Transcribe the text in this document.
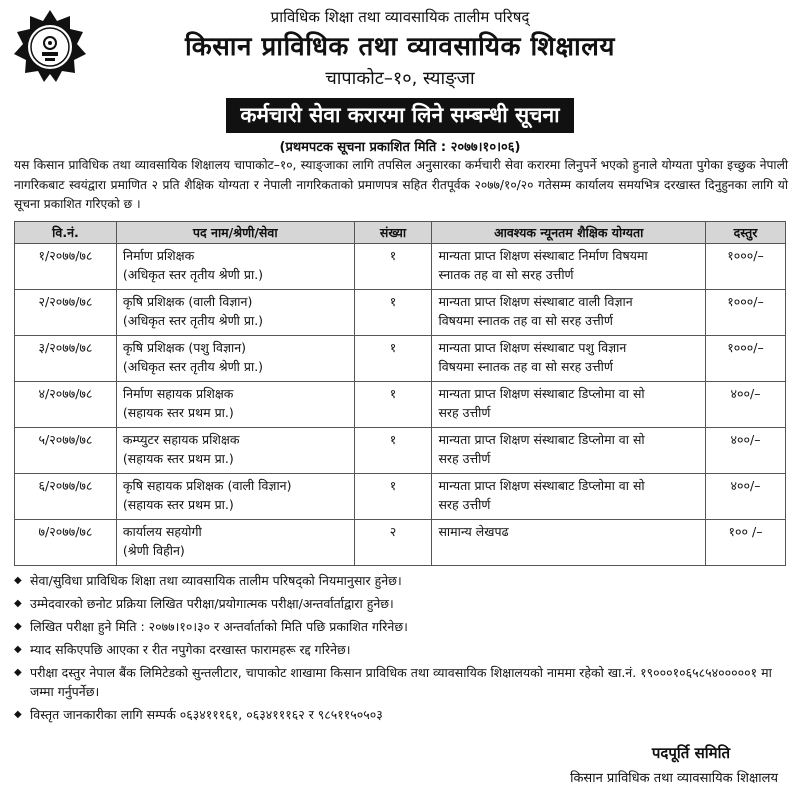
प्राविधिक शिक्षा तथा व्यावसायिक तालीम परिषद्
किसान प्राविधिक तथा व्यावसायिक शिक्षालय
चापाकोट–१०, स्याङ्जा
कर्मचारी सेवा करारमा लिने सम्बन्धी सूचना
(प्रथमपटक सूचना प्रकाशित मिति : २०७७।१०।०६)

यस किसान प्राविधिक तथा व्यावसायिक शिक्षालय चापाकोट–१०, स्याङ्जाका लागि तपसिल अनुसारका कर्मचारी सेवा करारमा लिनुपर्ने भएको हुनाले योग्यता पुगेका इच्छुक नेपाली नागरिकबाट स्वयंद्वारा प्रमाणित २ प्रति शैक्षिक योग्यता र नेपाली नागरिकताको प्रमाणपत्र सहित रीतपूर्वक २०७७/१०/२० गतेसम्म कार्यालय समयभित्र दरखास्त दिनुहुनका लागि यो सूचना प्रकाशित गरिएको छ ।

वि.नं.	पद नाम/श्रेणी/सेवा	संख्या	आवश्यक न्यूनतम शैक्षिक योग्यता	दस्तुर
१/२०७७/७८	निर्माण प्रशिक्षक
(अधिकृत स्तर तृतीय श्रेणी प्रा.)	१	मान्यता प्राप्त शिक्षण संस्थाबाट निर्माण विषयमा
स्नातक तह वा सो सरह उत्तीर्ण	१०००/–
२/२०७७/७८	कृषि प्रशिक्षक (वाली विज्ञान)
(अधिकृत स्तर तृतीय श्रेणी प्रा.)	१	मान्यता प्राप्त शिक्षण संस्थाबाट वाली विज्ञान
विषयमा स्नातक तह वा सो सरह उत्तीर्ण	१०००/–
३/२०७७/७८	कृषि प्रशिक्षक (पशु विज्ञान)
(अधिकृत स्तर तृतीय श्रेणी प्रा.)	१	मान्यता प्राप्त शिक्षण संस्थाबाट पशु विज्ञान
विषयमा स्नातक तह वा सो सरह उत्तीर्ण	१०००/–
४/२०७७/७८	निर्माण सहायक प्रशिक्षक
(सहायक स्तर प्रथम प्रा.)	१	मान्यता प्राप्त शिक्षण संस्थाबाट डिप्लोमा वा सो
सरह उत्तीर्ण	४००/–
५/२०७७/७८	कम्प्युटर सहायक प्रशिक्षक
(सहायक स्तर प्रथम प्रा.)	१	मान्यता प्राप्त शिक्षण संस्थाबाट डिप्लोमा वा सो
सरह उत्तीर्ण	४००/–
६/२०७७/७८	कृषि सहायक प्रशिक्षक (वाली विज्ञान)
(सहायक स्तर प्रथम प्रा.)	१	मान्यता प्राप्त शिक्षण संस्थाबाट डिप्लोमा वा सो
सरह उत्तीर्ण	४००/–
७/२०७७/७८	कार्यालय सहयोगी
(श्रेणी विहीन)	२	सामान्य लेखपढ	१०० /–
◆ सेवा/सुविधा प्राविधिक शिक्षा तथा व्यावसायिक तालीम परिषद्को नियमानुसार हुनेछ।
◆ उम्मेदवारको छनोट प्रक्रिया लिखित परीक्षा/प्रयोगात्मक परीक्षा/अन्तर्वार्ताद्वारा हुनेछ।
◆ लिखित परीक्षा हुने मिति : २०७७।१०।३० र अन्तर्वार्ताको मिति पछि प्रकाशित गरिनेछ।
◆ म्याद सकिएपछि आएका र रीत नपुगेका दरखास्त फारामहरू रद्द गरिनेछ।
◆ परीक्षा दस्तुर नेपाल बैंक लिमिटेडको सुन्तलीटार, चापाकोट शाखामा किसान प्राविधिक तथा व्यावसायिक शिक्षालयको नाममा रहेको खा.नं. १९०००१०६५८५४०००००१ मा जम्मा गर्नुपर्नेछ।
◆ विस्तृत जानकारीका लागि सम्पर्क ०६३४१११६१, ०६३४१११६२ र ९८५११५०५०३
पदपूर्ति समिति
किसान प्राविधिक तथा व्यावसायिक शिक्षालय
